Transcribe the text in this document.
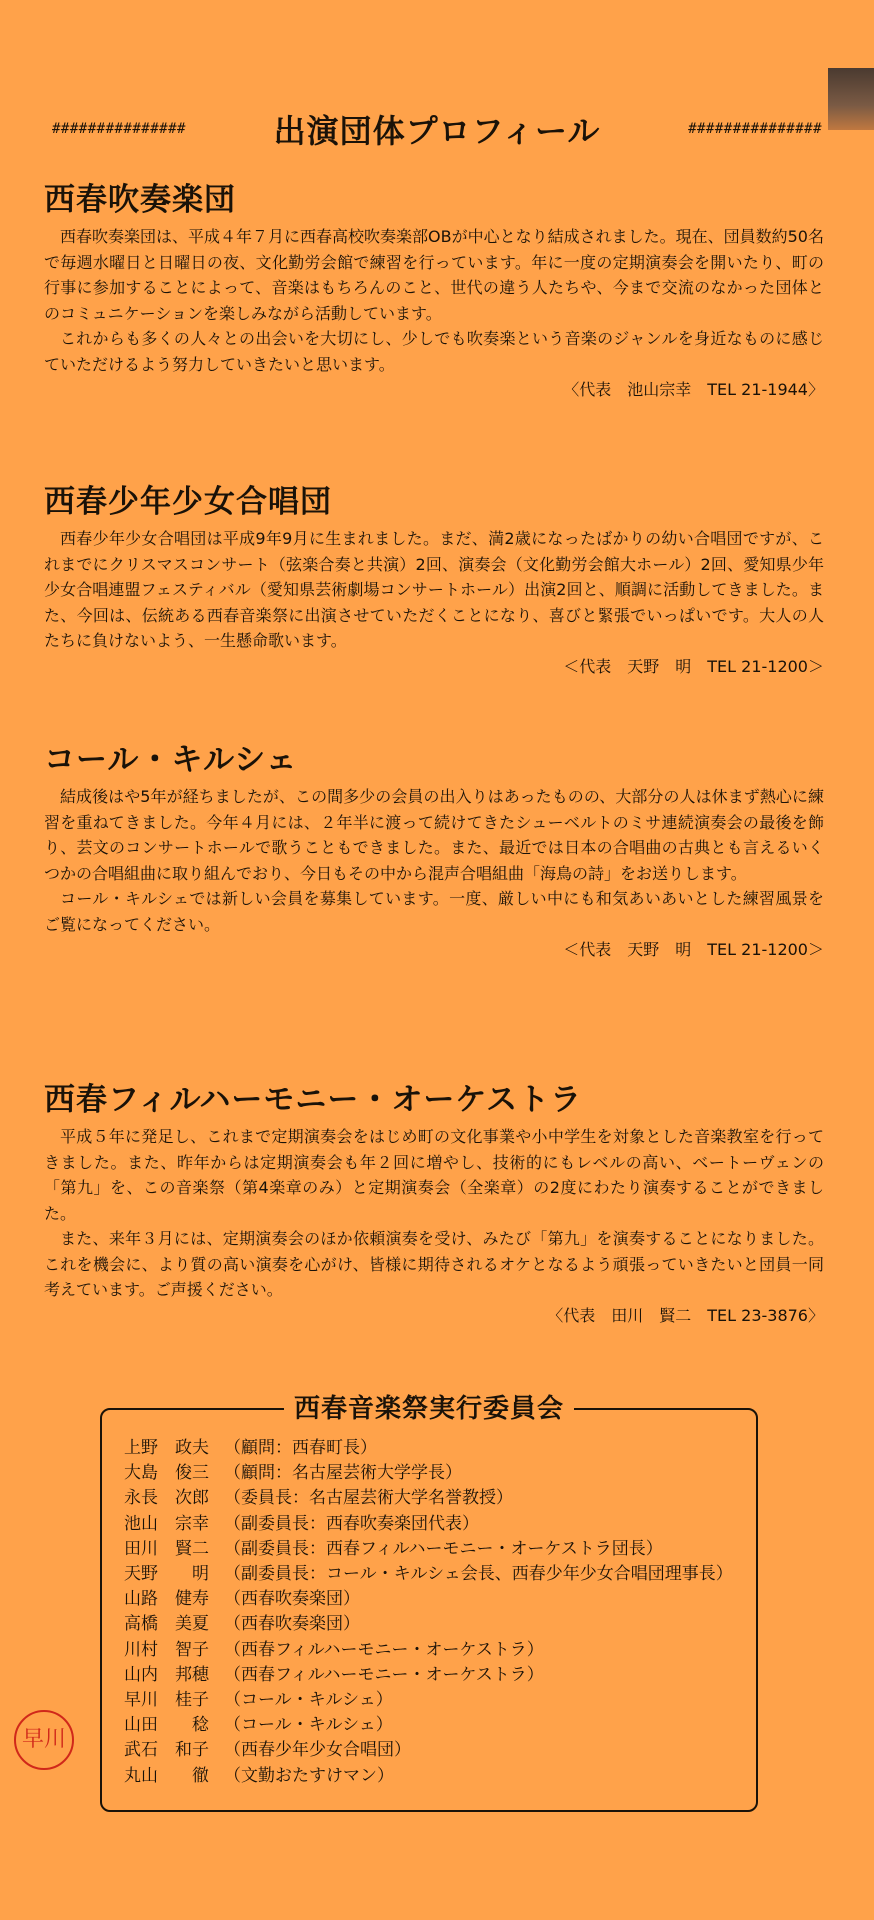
###############	出演団体プロフィール	###############
西春吹奏楽団

西春吹奏楽団は、平成４年７月に西春高校吹奏楽部OBが中心となり結成されました。現在、団員数約50名で毎週水曜日と日曜日の夜、文化勤労会館で練習を行っています。年に一度の定期演奏会を開いたり、町の行事に参加することによって、音楽はもちろんのこと、世代の違う人たちや、今まで交流のなかった団体とのコミュニケーションを楽しみながら活動しています。

これからも多くの人々との出会いを大切にし、少しでも吹奏楽という音楽のジャンルを身近なものに感じていただけるよう努力していきたいと思います。

〈代表　池山宗幸　TEL 21-1944〉
西春少年少女合唱団

西春少年少女合唱団は平成9年9月に生まれました。まだ、満2歳になったばかりの幼い合唱団ですが、これまでにクリスマスコンサート（弦楽合奏と共演）2回、演奏会（文化勤労会館大ホール）2回、愛知県少年少女合唱連盟フェスティバル（愛知県芸術劇場コンサートホール）出演2回と、順調に活動してきました。また、今回は、伝統ある西春音楽祭に出演させていただくことになり、喜びと緊張でいっぱいです。大人の人たちに負けないよう、一生懸命歌います。

＜代表　天野　明　TEL 21-1200＞
コール・キルシェ

結成後はや5年が経ちましたが、この間多少の会員の出入りはあったものの、大部分の人は休まず熱心に練習を重ねてきました。今年４月には、２年半に渡って続けてきたシューベルトのミサ連続演奏会の最後を飾り、芸文のコンサートホールで歌うこともできました。また、最近では日本の合唱曲の古典とも言えるいくつかの合唱組曲に取り組んでおり、今日もその中から混声合唱組曲「海鳥の詩」をお送りします。

コール・キルシェでは新しい会員を募集しています。一度、厳しい中にも和気あいあいとした練習風景をご覧になってください。

＜代表　天野　明　TEL 21-1200＞
西春フィルハーモニー・オーケストラ

平成５年に発足し、これまで定期演奏会をはじめ町の文化事業や小中学生を対象とした音楽教室を行ってきました。また、昨年からは定期演奏会も年２回に増やし、技術的にもレベルの高い、ベートーヴェンの「第九」を、この音楽祭（第4楽章のみ）と定期演奏会（全楽章）の2度にわたり演奏することができました。

また、来年３月には、定期演奏会のほか依頼演奏を受け、みたび「第九」を演奏することになりました。これを機会に、より質の高い演奏を心がけ、皆様に期待されるオケとなるよう頑張っていきたいと団員一同考えています。ご声援ください。

〈代表　田川　賢二　TEL 23-3876〉
西春音楽祭実行委員会
上野　政夫 （顧問：西春町長）
大島　俊三 （顧問：名古屋芸術大学学長）
永長　次郎 （委員長：名古屋芸術大学名誉教授）
池山　宗幸 （副委員長：西春吹奏楽団代表）
田川　賢二 （副委員長：西春フィルハーモニー・オーケストラ団長）
天野　　明 （副委員長：コール・キルシェ会長、西春少年少女合唱団理事長）
山路　健寿 （西春吹奏楽団）
高橋　美夏 （西春吹奏楽団）
川村　智子 （西春フィルハーモニー・オーケストラ）
山内　邦穂 （西春フィルハーモニー・オーケストラ）
早川　桂子 （コール・キルシェ）
山田　　稔 （コール・キルシェ）
武石　和子 （西春少年少女合唱団）
丸山　　徹 （文勤おたすけマン）
早川
